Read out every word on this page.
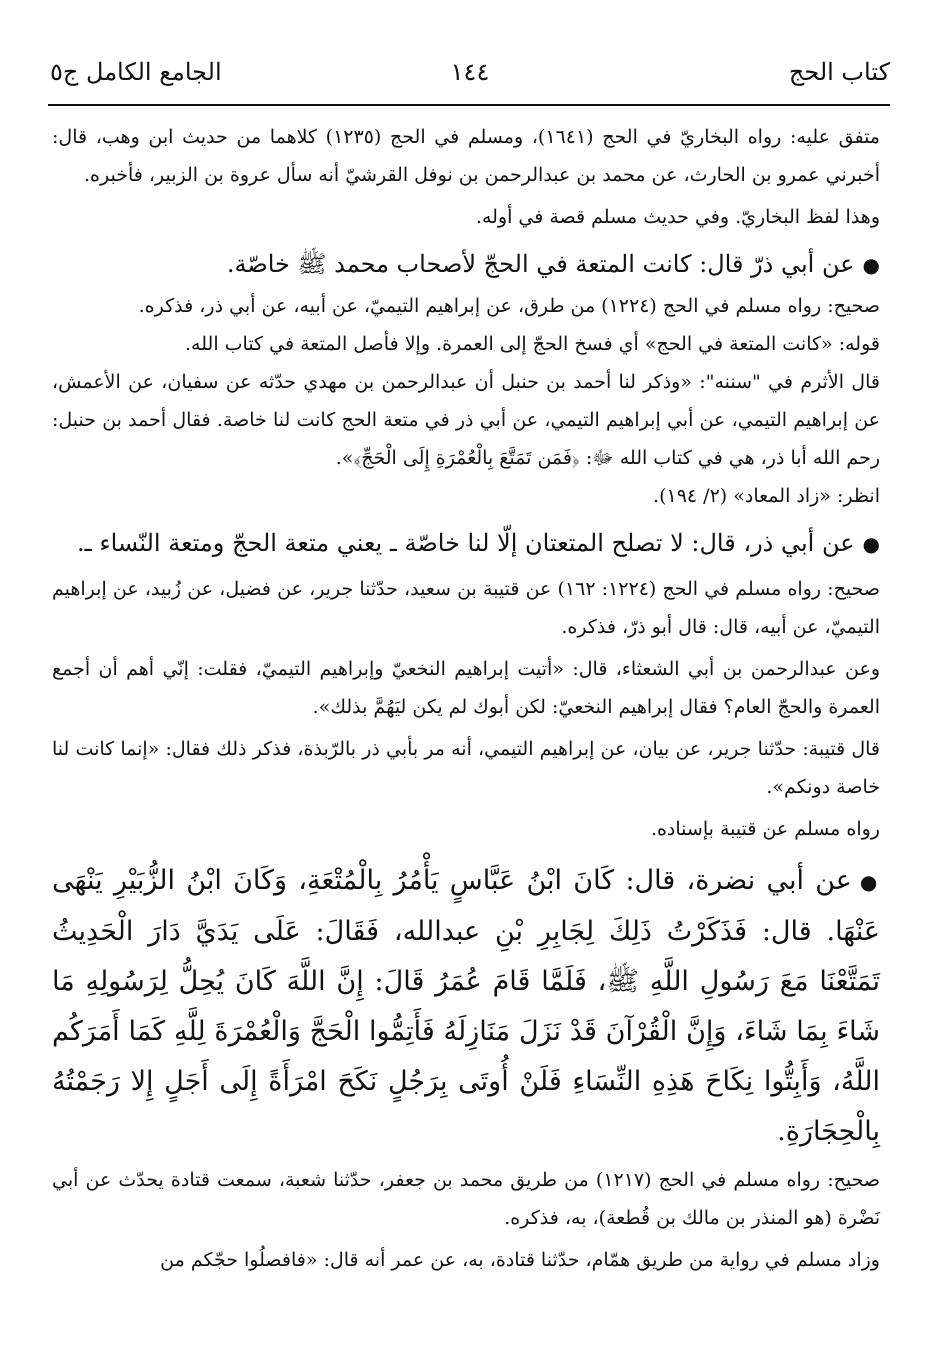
كتاب الحج
١٤٤
الجامع الكامل ج٥

متفق عليه: رواه البخاريّ في الحج (١٦٤١)، ومسلم في الحج (١٢٣٥) كلاهما من حديث ابن وهب، قال: أخبرني عمرو بن الحارث، عن محمد بن عبدالرحمن بن نوفل القرشيّ أنه سأل عروة بن الزبير، فأخبره.

وهذا لفظ البخاريّ. وفي حديث مسلم قصة في أوله.

●عن أبي ذرّ قال: كانت المتعة في الحجّ لأصحاب محمد ﷺ خاصّة.

صحيح: رواه مسلم في الحج (١٢٢٤) من طرق، عن إبراهيم التيميّ، عن أبيه، عن أبي ذر، فذكره.

قوله: «كانت المتعة في الحج» أي فسخ الحجّ إلى العمرة. وإلا فأصل المتعة في كتاب الله.

قال الأثرم في "سننه": «وذكر لنا أحمد بن حنبل أن عبدالرحمن بن مهدي حدّثه عن سفيان، عن الأعمش، عن إبراهيم التيمي، عن أبي إبراهيم التيمي، عن أبي ذر في متعة الحج كانت لنا خاصة. فقال أحمد بن حنبل: رحم الله أبا ذر، هي في كتاب الله ﷻ: ﴿فَمَن تَمَتَّعَ بِالْعُمْرَةِ إِلَى الْحَجِّ﴾».

انظر: «زاد المعاد» (٢/ ١٩٤).

●عن أبي ذر، قال: لا تصلح المتعتان إلّا لنا خاصّة ـ يعني متعة الحجّ ومتعة النّساء ـ.

صحيح: رواه مسلم في الحج (١٢٢٤: ١٦٢) عن قتيبة بن سعيد، حدّثنا جرير، عن فضيل، عن زُبيد، عن إبراهيم التيميّ، عن أبيه، قال: قال أبو ذرّ، فذكره.

وعن عبدالرحمن بن أبي الشعثاء، قال: «أتيت إبراهيم النخعيّ وإبراهيم التيميّ، فقلت: إنّي أهم أن أجمع العمرة والحجّ العام؟ فقال إبراهيم النخعيّ: لكن أبوك لم يكن ليَهُمَّ بذلك».

قال قتيبة: حدّثنا جرير، عن بيان، عن إبراهيم التيمي، أنه مر بأبي ذر بالرّبذة، فذكر ذلك فقال: «إنما كانت لنا خاصة دونكم».

رواه مسلم عن قتيبة بإسناده.

●عن أبي نضرة، قال: كَانَ ابْنُ عَبَّاسٍ يَأْمُرُ بِالْمُتْعَةِ، وَكَانَ ابْنُ الزُّبَيْرِ يَنْهَى عَنْهَا. قال: فَذَكَرْتُ ذَلِكَ لِجَابِرِ بْنِ عبدالله، فَقَالَ: عَلَى يَدَيَّ دَارَ الْحَدِيثُ تَمَتَّعْنَا مَعَ رَسُولِ اللَّهِ ﷺ، فَلَمَّا قَامَ عُمَرُ قَالَ: إِنَّ اللَّهَ كَانَ يُحِلُّ لِرَسُولِهِ مَا شَاءَ بِمَا شَاءَ، وَإِنَّ الْقُرْآنَ قَدْ نَزَلَ مَنَازِلَهُ فَأَتِمُّوا الْحَجَّ وَالْعُمْرَةَ لِلَّهِ كَمَا أَمَرَكُم اللَّهُ، وَأَبِتُّوا نِكَاحَ هَذِهِ النِّسَاءِ فَلَنْ أُوتَى بِرَجُلٍ نَكَحَ امْرَأَةً إِلَى أَجَلٍ إِلا رَجَمْتُهُ بِالْحِجَارَةِ.

صحيح: رواه مسلم في الحج (١٢١٧) من طريق محمد بن جعفر، حدّثنا شعبة، سمعت قتادة يحدّث عن أبي نَضْرة (هو المنذر بن مالك بن قُطعة)، به، فذكره.

وزاد مسلم في رواية من طريق همّام، حدّثنا قتادة، به، عن عمر أنه قال: «فافصلُوا حجّكم من
